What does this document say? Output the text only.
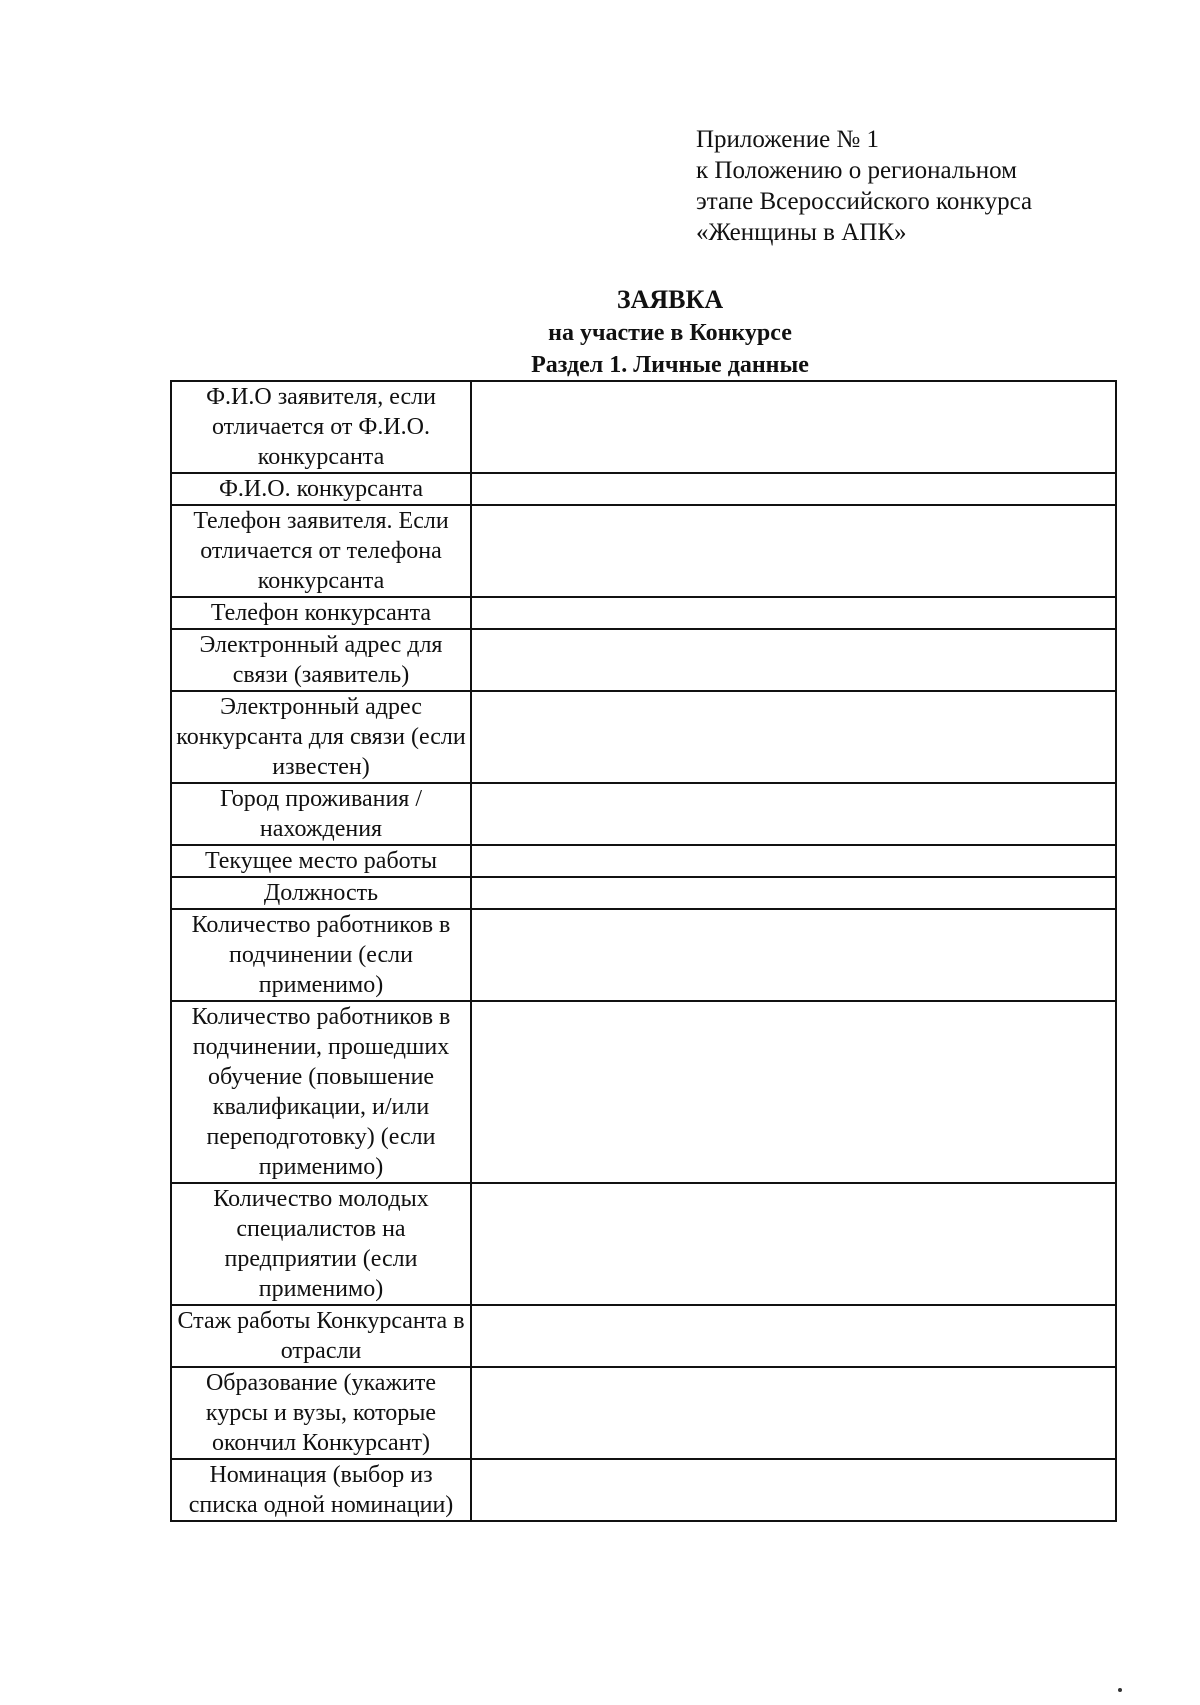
Приложение № 1
к Положению о региональном
этапе Всероссийского конкурса
«Женщины в АПК»
ЗАЯВКА
на участие в Конкурсе
Раздел 1. Личные данные
Ф.И.О заявителя, если отличается от Ф.И.О. конкурсанта	
Ф.И.О. конкурсанта	
Телефон заявителя. Если отличается от телефона конкурсанта	
Телефон конкурсанта	
Электронный адрес для связи (заявитель)	
Электронный адрес конкурсанта для связи (если известен)	
Город проживания / нахождения	
Текущее место работы	
Должность	
Количество работников в подчинении (если применимо)	
Количество работников в подчинении, прошедших обучение (повышение квалификации, и/или переподготовку) (если применимо)	
Количество молодых специалистов на предприятии (если применимо)	
Стаж работы Конкурсанта в отрасли	
Образование (укажите курсы и вузы, которые окончил Конкурсант)	
Номинация (выбор из списка одной номинации)	
